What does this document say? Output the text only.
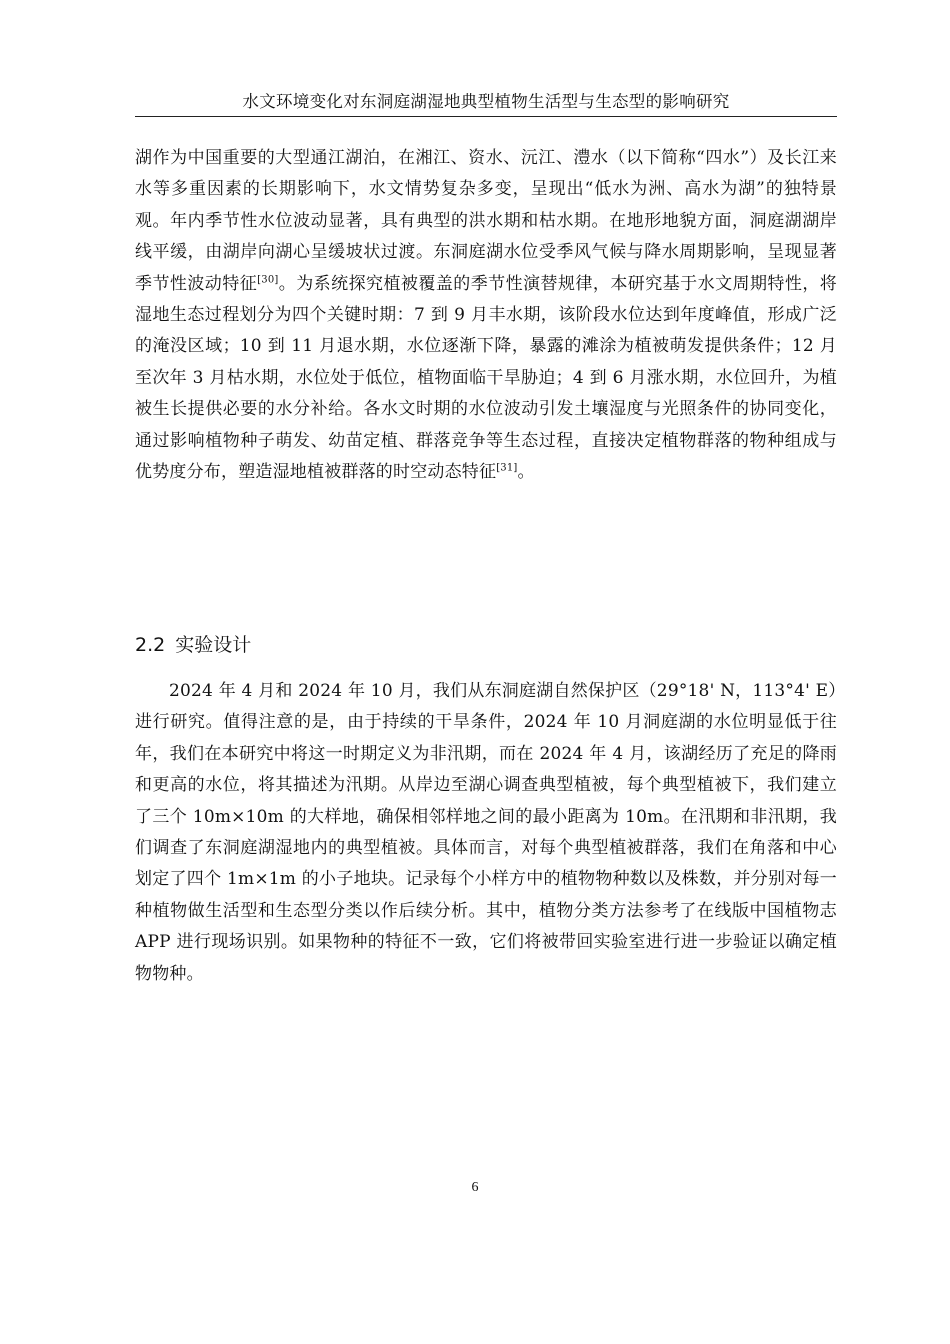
水文环境变化对东洞庭湖湿地典型植物生活型与生态型的影响研究

湖作为中国重要的大型通江湖泊，在湘江、资水、沅江、澧水（以下简称“四水”）及长江来水等多重因素的长期影响下，水文情势复杂多变，呈现出“低水为洲、高水为湖”的独特景观。年内季节性水位波动显著，具有典型的洪水期和枯水期。在地形地貌方面，洞庭湖湖岸线平缓，由湖岸向湖心呈缓坡状过渡。东洞庭湖水位受季风气候与降水周期影响，呈现显著季节性波动特征[30]。为系统探究植被覆盖的季节性演替规律，本研究基于水文周期特性，将湿地生态过程划分为四个关键时期：7 到 9 月丰水期，该阶段水位达到年度峰值，形成广泛的淹没区域；10 到 11 月退水期，水位逐渐下降，暴露的滩涂为植被萌发提供条件；12 月至次年 3 月枯水期，水位处于低位，植物面临干旱胁迫；4 到 6 月涨水期，水位回升，为植被生长提供必要的水分补给。各水文时期的水位波动引发土壤湿度与光照条件的协同变化，通过影响植物种子萌发、幼苗定植、群落竞争等生态过程，直接决定植物群落的物种组成与优势度分布，塑造湿地植被群落的时空动态特征[31]。

2.2 实验设计

2024 年 4 月和 2024 年 10 月，我们从东洞庭湖自然保护区（29°18' N，113°4' E）进行研究。值得注意的是，由于持续的干旱条件，2024 年 10 月洞庭湖的水位明显低于往年，我们在本研究中将这一时期定义为非汛期，而在 2024 年 4 月，该湖经历了充足的降雨和更高的水位，将其描述为汛期。从岸边至湖心调查典型植被，每个典型植被下，我们建立了三个 10m×10m 的大样地，确保相邻样地之间的最小距离为 10m。在汛期和非汛期，我们调查了东洞庭湖湿地内的典型植被。具体而言，对每个典型植被群落，我们在角落和中心划定了四个 1m×1m 的小子地块。记录每个小样方中的植物物种数以及株数，并分别对每一种植物做生活型和生态型分类以作后续分析。其中，植物分类方法参考了在线版中国植物志 APP 进行现场识别。如果物种的特征不一致，它们将被带回实验室进行进一步验证以确定植物物种。

6
